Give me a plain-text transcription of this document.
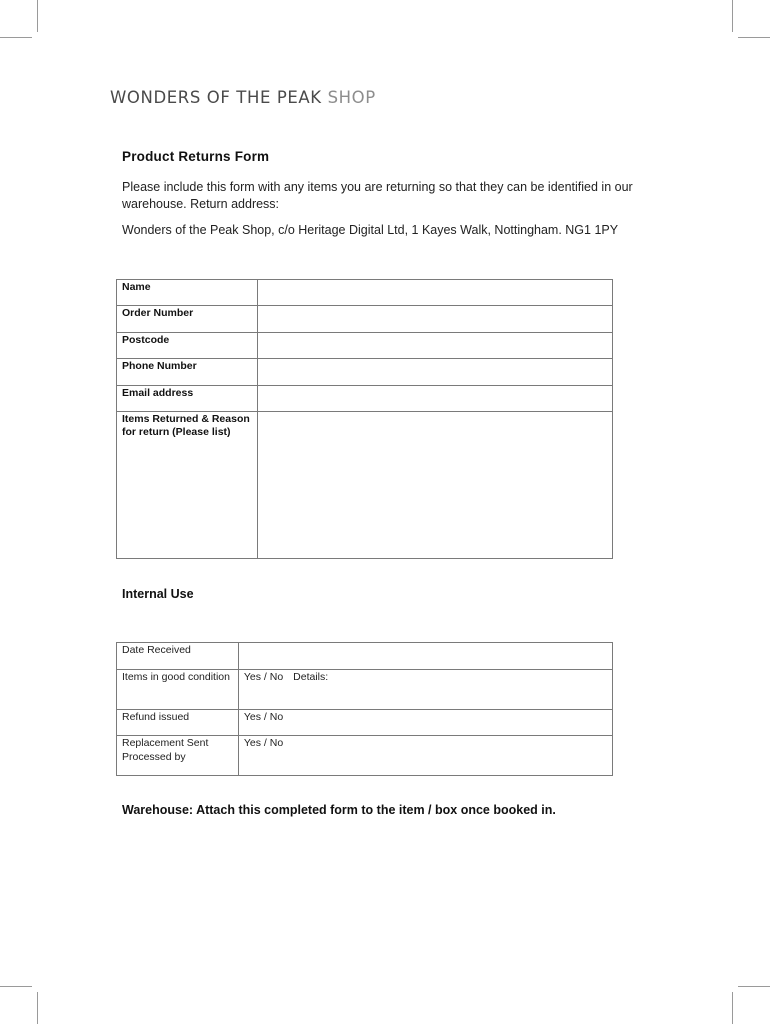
WONDERS OF THE PEAK SHOP
Product Returns Form
Please include this form with any items you are returning so that they can be identified in our warehouse. Return address:
Wonders of the Peak Shop, c/o Heritage Digital Ltd, 1 Kayes Walk, Nottingham. NG1 1PY
Name	
Order Number	
Postcode	
Phone Number	
Email address	
Items Returned & Reason for return (Please list)	
Internal Use
Date Received	
Items in good condition	Yes / No Details:
Refund issued	Yes / No
Replacement Sent Processed by	Yes / No
Warehouse: Attach this completed form to the item / box once booked in.
